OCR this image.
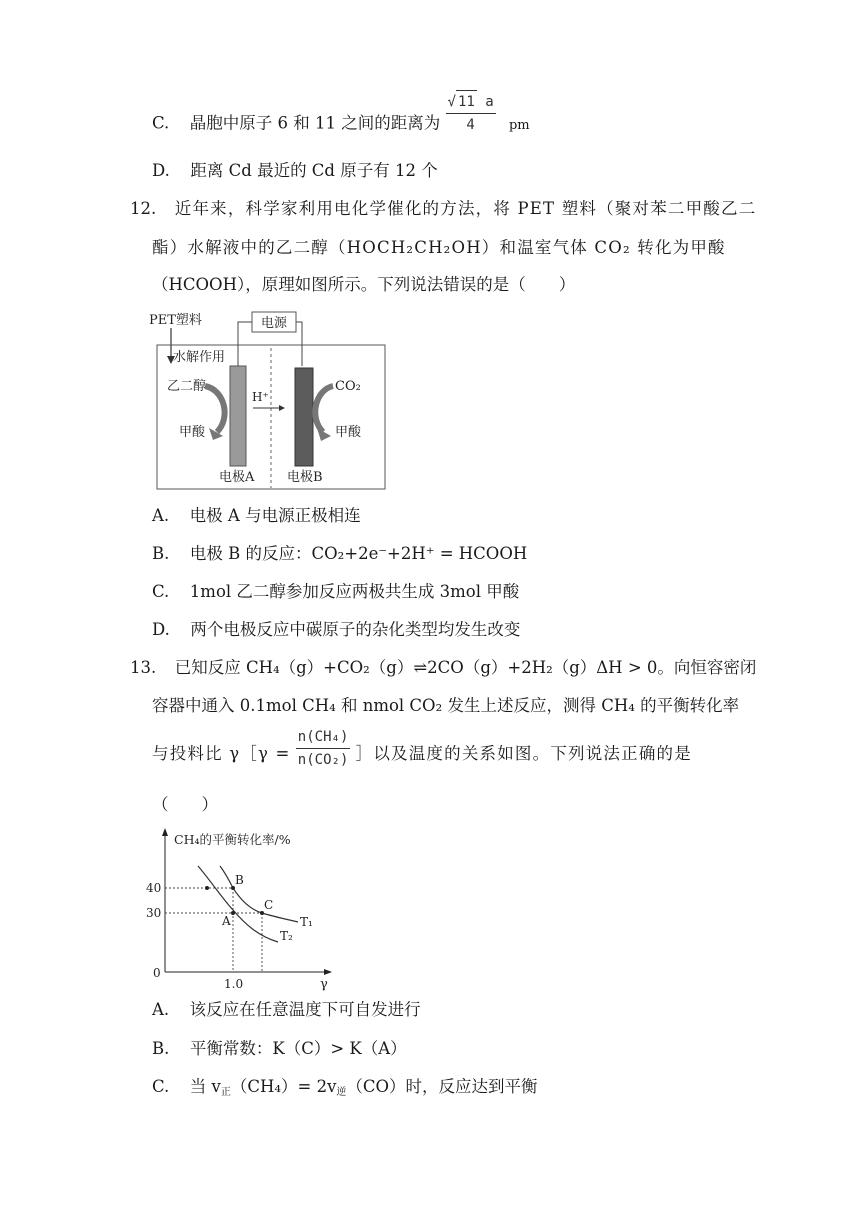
C. 晶胞中原子 6 和 11 之间的距离为 $\frac{√ 11 a}{4}$ pm
D. 距离 Cd 最近的 Cd 原子有 12 个
12. 近年来，科学家利用电化学催化的方法，将 PET 塑料（聚对苯二甲酸乙二
酯）水解液中的乙二醇（HOCH₂CH₂OH）和温室气体 CO₂ 转化为甲酸
（HCOOH），原理如图所示。下列说法错误的是（　　）
PET塑料	电源
水解作用
乙二醇
甲酸
H⁺
CO₂
甲酸
电极A	电极B
A. 电极 A 与电源正极相连
B. 电极 B 的反应：CO₂+2e⁻+2H⁺ = HCOOH
C. 1mol 乙二醇参加反应两极共生成 3mol 甲酸
D. 两个电极反应中碳原子的杂化类型均发生改变
13. 已知反应 CH₄（g）+CO₂（g）⇌2CO（g）+2H₂（g）ΔH > 0。向恒容密闭
容器中通入 0.1mol CH₄ 和 nmol CO₂ 发生上述反应，测得 CH₄ 的平衡转化率
与投料比 γ［γ = $\frac{\text{n(CH₄)}}{\text{n(CO₂)}}$ ］以及温度的关系如图。下列说法正确的是
（　　）
CH₄的平衡转化率/%
γ
0
1.0
40
30
B
A
C
T₁
T₂
A. 该反应在任意温度下可自发进行
B. 平衡常数：K（C）> K（A）
C. 当 $v_正(CH_4)= 2v_逆(CO)$时，反应达到平衡
